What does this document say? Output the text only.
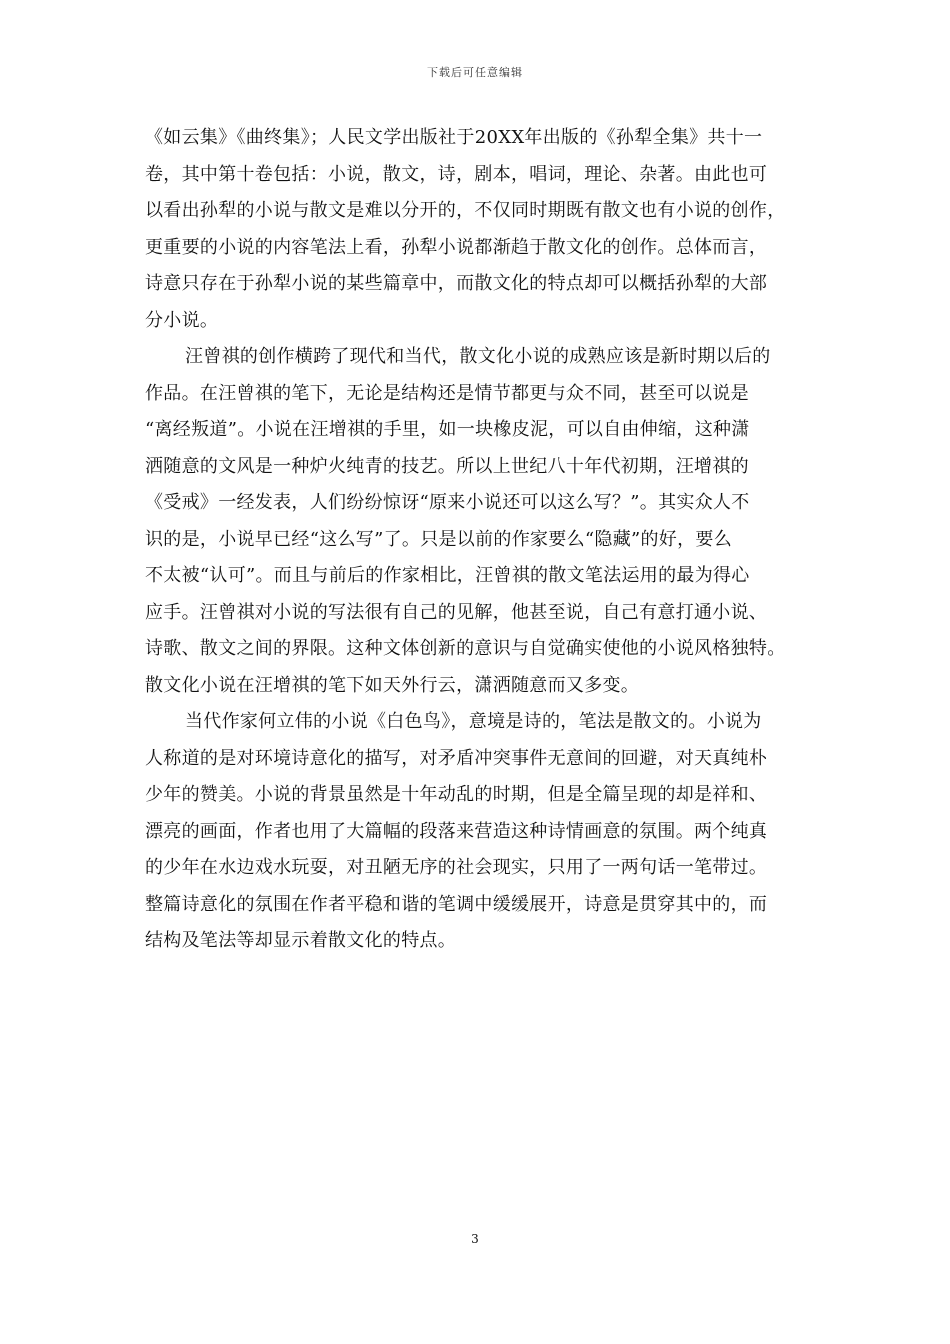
下载后可任意编辑
《如云集》《曲终集》；人民文学出版社于20XX年出版的《孙犁全集》共十一
卷，其中第十卷包括：小说，散文，诗，剧本，唱词，理论、杂著。由此也可
以看出孙犁的小说与散文是难以分开的，不仅同时期既有散文也有小说的创作，
更重要的小说的内容笔法上看，孙犁小说都渐趋于散文化的创作。总体而言，
诗意只存在于孙犁小说的某些篇章中，而散文化的特点却可以概括孙犁的大部
分小说。
汪曾祺的创作横跨了现代和当代，散文化小说的成熟应该是新时期以后的
作品。在汪曾祺的笔下，无论是结构还是情节都更与众不同，甚至可以说是
“离经叛道”。小说在汪增祺的手里，如一块橡皮泥，可以自由伸缩，这种潇
洒随意的文风是一种炉火纯青的技艺。所以上世纪八十年代初期，汪增祺的
《受戒》一经发表，人们纷纷惊讶“原来小说还可以这么写？”。其实众人不
识的是，小说早已经“这么写”了。只是以前的作家要么“隐藏”的好，要么
不太被“认可”。而且与前后的作家相比，汪曾祺的散文笔法运用的最为得心
应手。汪曾祺对小说的写法很有自己的见解，他甚至说，自己有意打通小说、
诗歌、散文之间的界限。这种文体创新的意识与自觉确实使他的小说风格独特。
散文化小说在汪增祺的笔下如天外行云，潇洒随意而又多变。
当代作家何立伟的小说《白色鸟》，意境是诗的，笔法是散文的。小说为
人称道的是对环境诗意化的描写，对矛盾冲突事件无意间的回避，对天真纯朴
少年的赞美。小说的背景虽然是十年动乱的时期，但是全篇呈现的却是祥和、
漂亮的画面，作者也用了大篇幅的段落来营造这种诗情画意的氛围。两个纯真
的少年在水边戏水玩耍，对丑陋无序的社会现实，只用了一两句话一笔带过。
整篇诗意化的氛围在作者平稳和谐的笔调中缓缓展开，诗意是贯穿其中的，而
结构及笔法等却显示着散文化的特点。
3
